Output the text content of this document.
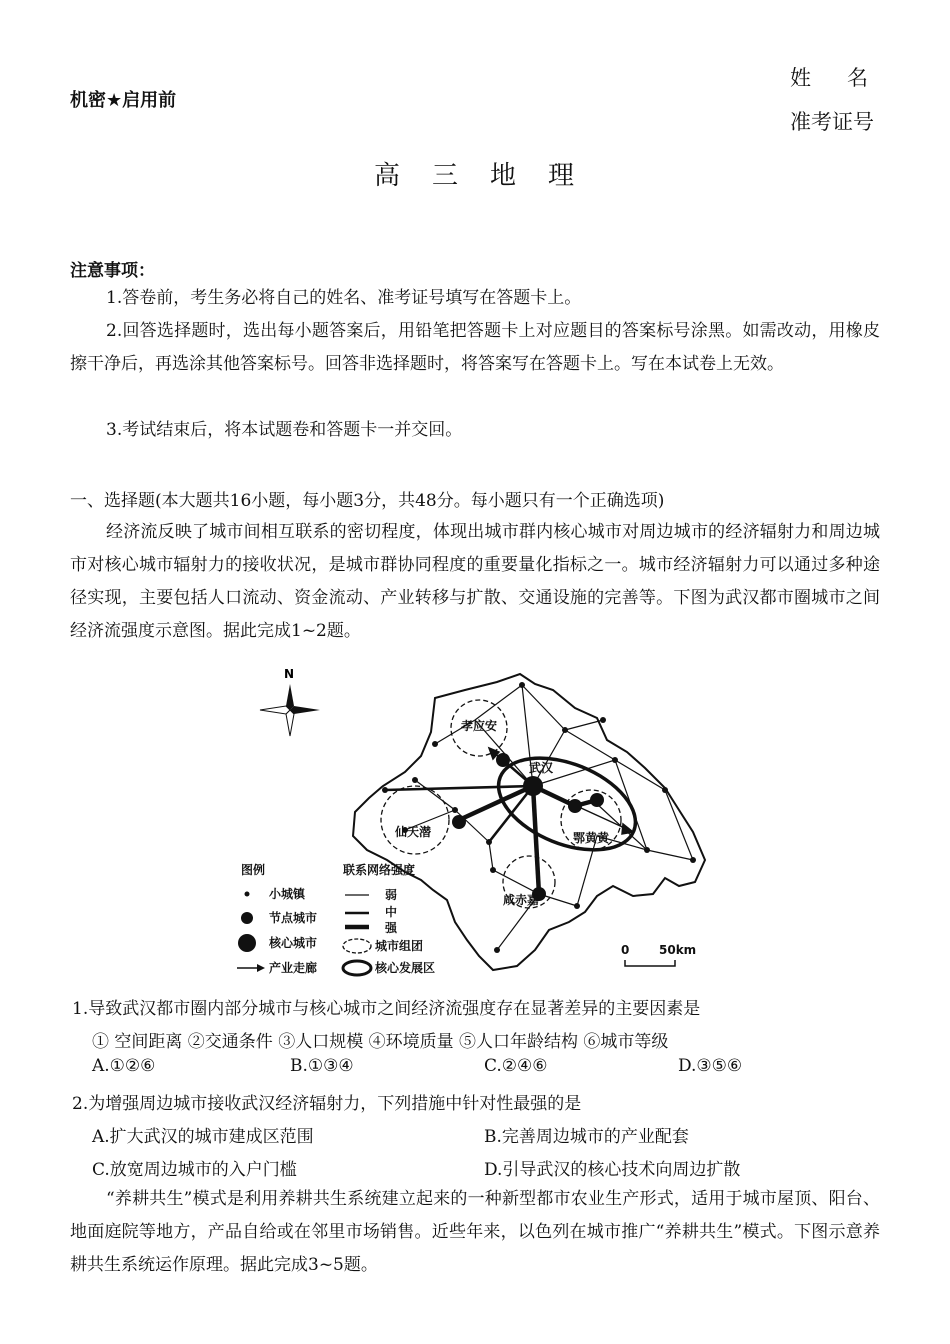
机密★启用前
姓名
准考证号
高三地理
注意事项：
1.答卷前，考生务必将自己的姓名、准考证号填写在答题卡上。
2.回答选择题时，选出每小题答案后，用铅笔把答题卡上对应题目的答案标号涂黑。如需改动，用橡皮擦干净后，再选涂其他答案标号。回答非选择题时，将答案写在答题卡上。写在本试卷上无效。
3.考试结束后，将本试题卷和答题卡一并交回。
一、选择题(本大题共16小题，每小题3分，共48分。每小题只有一个正确选项)
经济流反映了城市间相互联系的密切程度，体现出城市群内核心城市对周边城市的经济辐射力和周边城市对核心城市辐射力的接收状况，是城市群协同程度的重要量化指标之一。城市经济辐射力可以通过多种途径实现，主要包括人口流动、资金流动、产业转移与扩散、交通设施的完善等。下图为武汉都市圈城市之间经济流强度示意图。据此完成1~2题。
N
孝应安
武汉
仙天潜	鄂黄黄
咸赤嘉
图例
小城镇
节点城市
核心城市
产业走廊
联系网络强度
弱
中
强
城市组团
核心发展区
0 50km
1.导致武汉都市圈内部分城市与核心城市之间经济流强度存在显著差异的主要因素是
① 空间距离 ②交通条件 ③人口规模 ④环境质量 ⑤人口年龄结构 ⑥城市等级
A.①②⑥	B.①③④	C.②④⑥	D.③⑤⑥
2.为增强周边城市接收武汉经济辐射力，下列措施中针对性最强的是
A.扩大武汉的城市建成区范围	B.完善周边城市的产业配套
C.放宽周边城市的入户门槛	D.引导武汉的核心技术向周边扩散
“养耕共生”模式是利用养耕共生系统建立起来的一种新型都市农业生产形式，适用于城市屋顶、阳台、地面庭院等地方，产品自给或在邻里市场销售。近些年来，以色列在城市推广“养耕共生”模式。下图示意养耕共生系统运作原理。据此完成3~5题。
